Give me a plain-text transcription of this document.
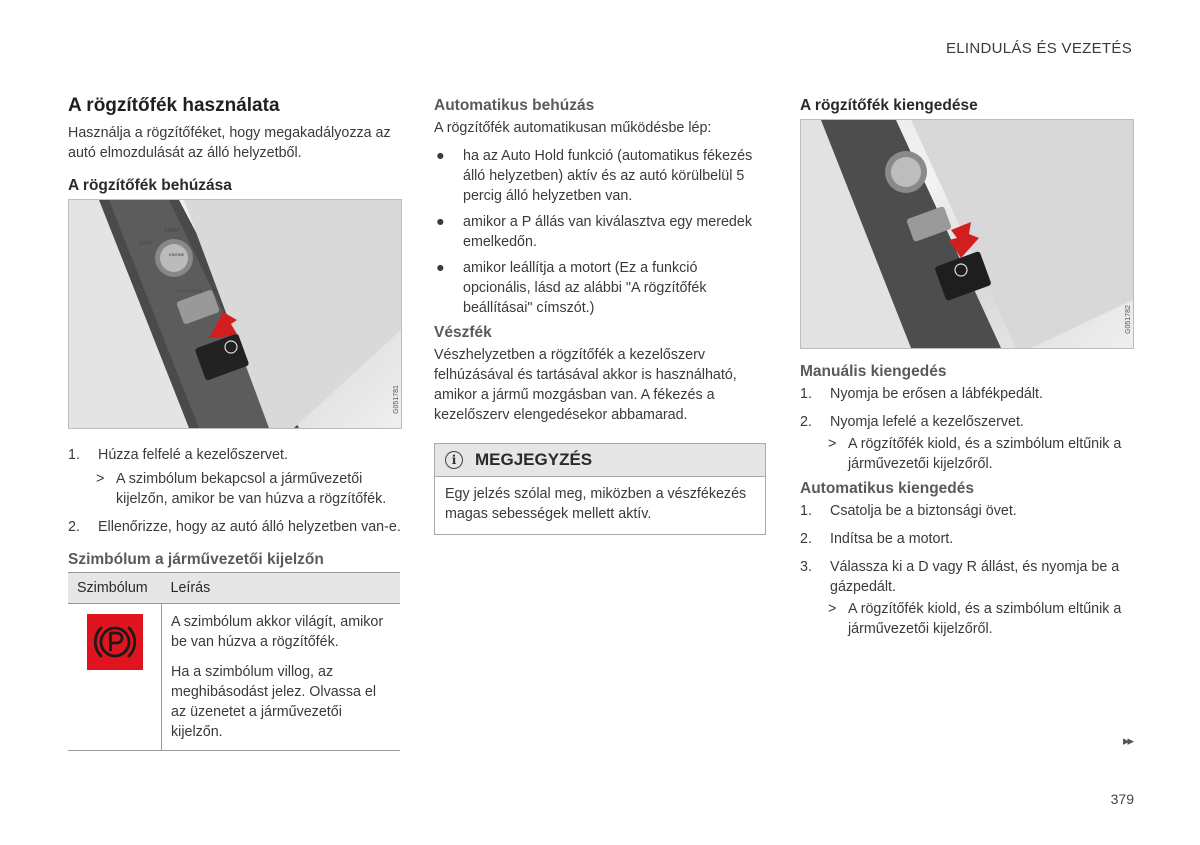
ELINDULÁS ÉS VEZETÉS
A rögzítőfék használata

Használja a rögzítőféket, hogy megakadályozza az autó elmozdulását az álló helyzetből.

A rögzítőfék behúzása
STOP
START
ENGINE
DRIVE MODE
G051781
1. Húzza felfelé a kezelőszervet.
> A szimbólum bekapcsol a járművezetői kijelzőn, amikor be van húzva a rögzítőfék.
2. Ellenőrizze, hogy az autó álló helyzetben van-e.
Szimbólum a járművezetői kijelzőn
Szimbólum	Leírás

A szimbólum akkor világít, amikor be van húzva a rögzítőfék.
Ha a szimbólum villog, az meghibásodást jelez. Olvassa el az üzenetet a járművezetői kijelzőn.
Automatikus behúzás

A rögzítőfék automatikusan működésbe lép:

● ha az Auto Hold funkció (automatikus fékezés álló helyzetben) aktív és az autó körülbelül 5 percig álló helyzetben van.
● amikor a P állás van kiválasztva egy meredek emelkedőn.
● amikor leállítja a motort (Ez a funkció opcionális, lásd az alábbi "A rögzítőfék beállításai" címszót.)
Vészfék

Vészhelyzetben a rögzítőfék a kezelőszerv felhúzásával és tartásával akkor is használható, amikor a jármű mozgásban van. A fékezés a kezelőszerv elengedésekor abbamarad.

i	MEGJEGYZÉS
Egy jelzés szólal meg, miközben a vészfékezés magas sebességek mellett aktív.
A rögzítőfék kiengedése
G051782
Manuális kiengedés
1. Nyomja be erősen a lábfékpedált.
2. Nyomja lefelé a kezelőszervet.
> A rögzítőfék kiold, és a szimbólum eltűnik a járművezetői kijelzőről.
Automatikus kiengedés
1. Csatolja be a biztonsági övet.
2. Indítsa be a motort.
3. Válassza ki a D vagy R állást, és nyomja be a gázpedált.
> A rögzítőfék kiold, és a szimbólum eltűnik a járművezetői kijelzőről.
▸▸
379
